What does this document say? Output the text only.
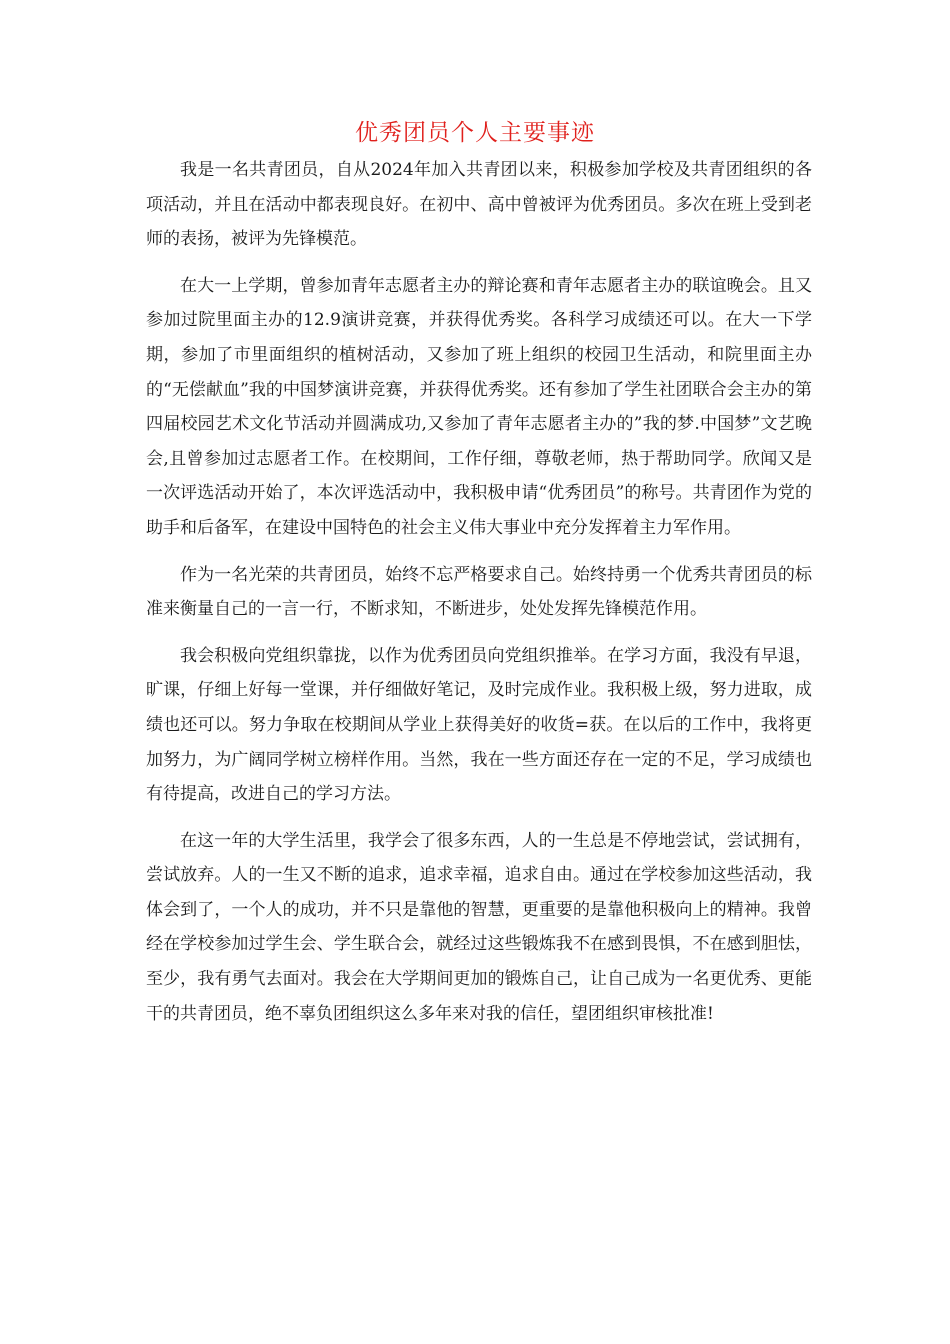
优秀团员个人主要事迹

我是一名共青团员，自从2024年加入共青团以来，积极参加学校及共青团组织的各项活动，并且在活动中都表现良好。在初中、高中曾被评为优秀团员。多次在班上受到老师的表扬，被评为先锋模范。

在大一上学期，曾参加青年志愿者主办的辩论赛和青年志愿者主办的联谊晚会。且又参加过院里面主办的12.9演讲竞赛，并获得优秀奖。各科学习成绩还可以。在大一下学期，参加了市里面组织的植树活动，又参加了班上组织的校园卫生活动，和院里面主办的“无偿献血”我的中国梦演讲竞赛，并获得优秀奖。还有参加了学生社团联合会主办的第四届校园艺术文化节活动并圆满成功,又参加了青年志愿者主办的”我的梦.中国梦”文艺晚会,且曾参加过志愿者工作。在校期间，工作仔细，尊敬老师，热于帮助同学。欣闻又是一次评选活动开始了，本次评选活动中，我积极申请“优秀团员”的称号。共青团作为党的助手和后备军，在建设中国特色的社会主义伟大事业中充分发挥着主力军作用。

作为一名光荣的共青团员，始终不忘严格要求自己。始终持勇一个优秀共青团员的标准来衡量自己的一言一行，不断求知，不断进步，处处发挥先锋模范作用。

我会积极向党组织靠拢，以作为优秀团员向党组织推举。在学习方面，我没有早退，旷课，仔细上好每一堂课，并仔细做好笔记，及时完成作业。我积极上级，努力进取，成绩也还可以。努力争取在校期间从学业上获得美好的收货=获。在以后的工作中，我将更加努力，为广阔同学树立榜样作用。当然，我在一些方面还存在一定的不足，学习成绩也有待提高，改进自己的学习方法。

在这一年的大学生活里，我学会了很多东西，人的一生总是不停地尝试，尝试拥有，尝试放弃。人的一生又不断的追求，追求幸福，追求自由。通过在学校参加这些活动，我体会到了，一个人的成功，并不只是靠他的智慧，更重要的是靠他积极向上的精神。我曾经在学校参加过学生会、学生联合会，就经过这些锻炼我不在感到畏惧，不在感到胆怯，至少，我有勇气去面对。我会在大学期间更加的锻炼自己，让自己成为一名更优秀、更能干的共青团员，绝不辜负团组织这么多年来对我的信任，望团组织审核批准!
